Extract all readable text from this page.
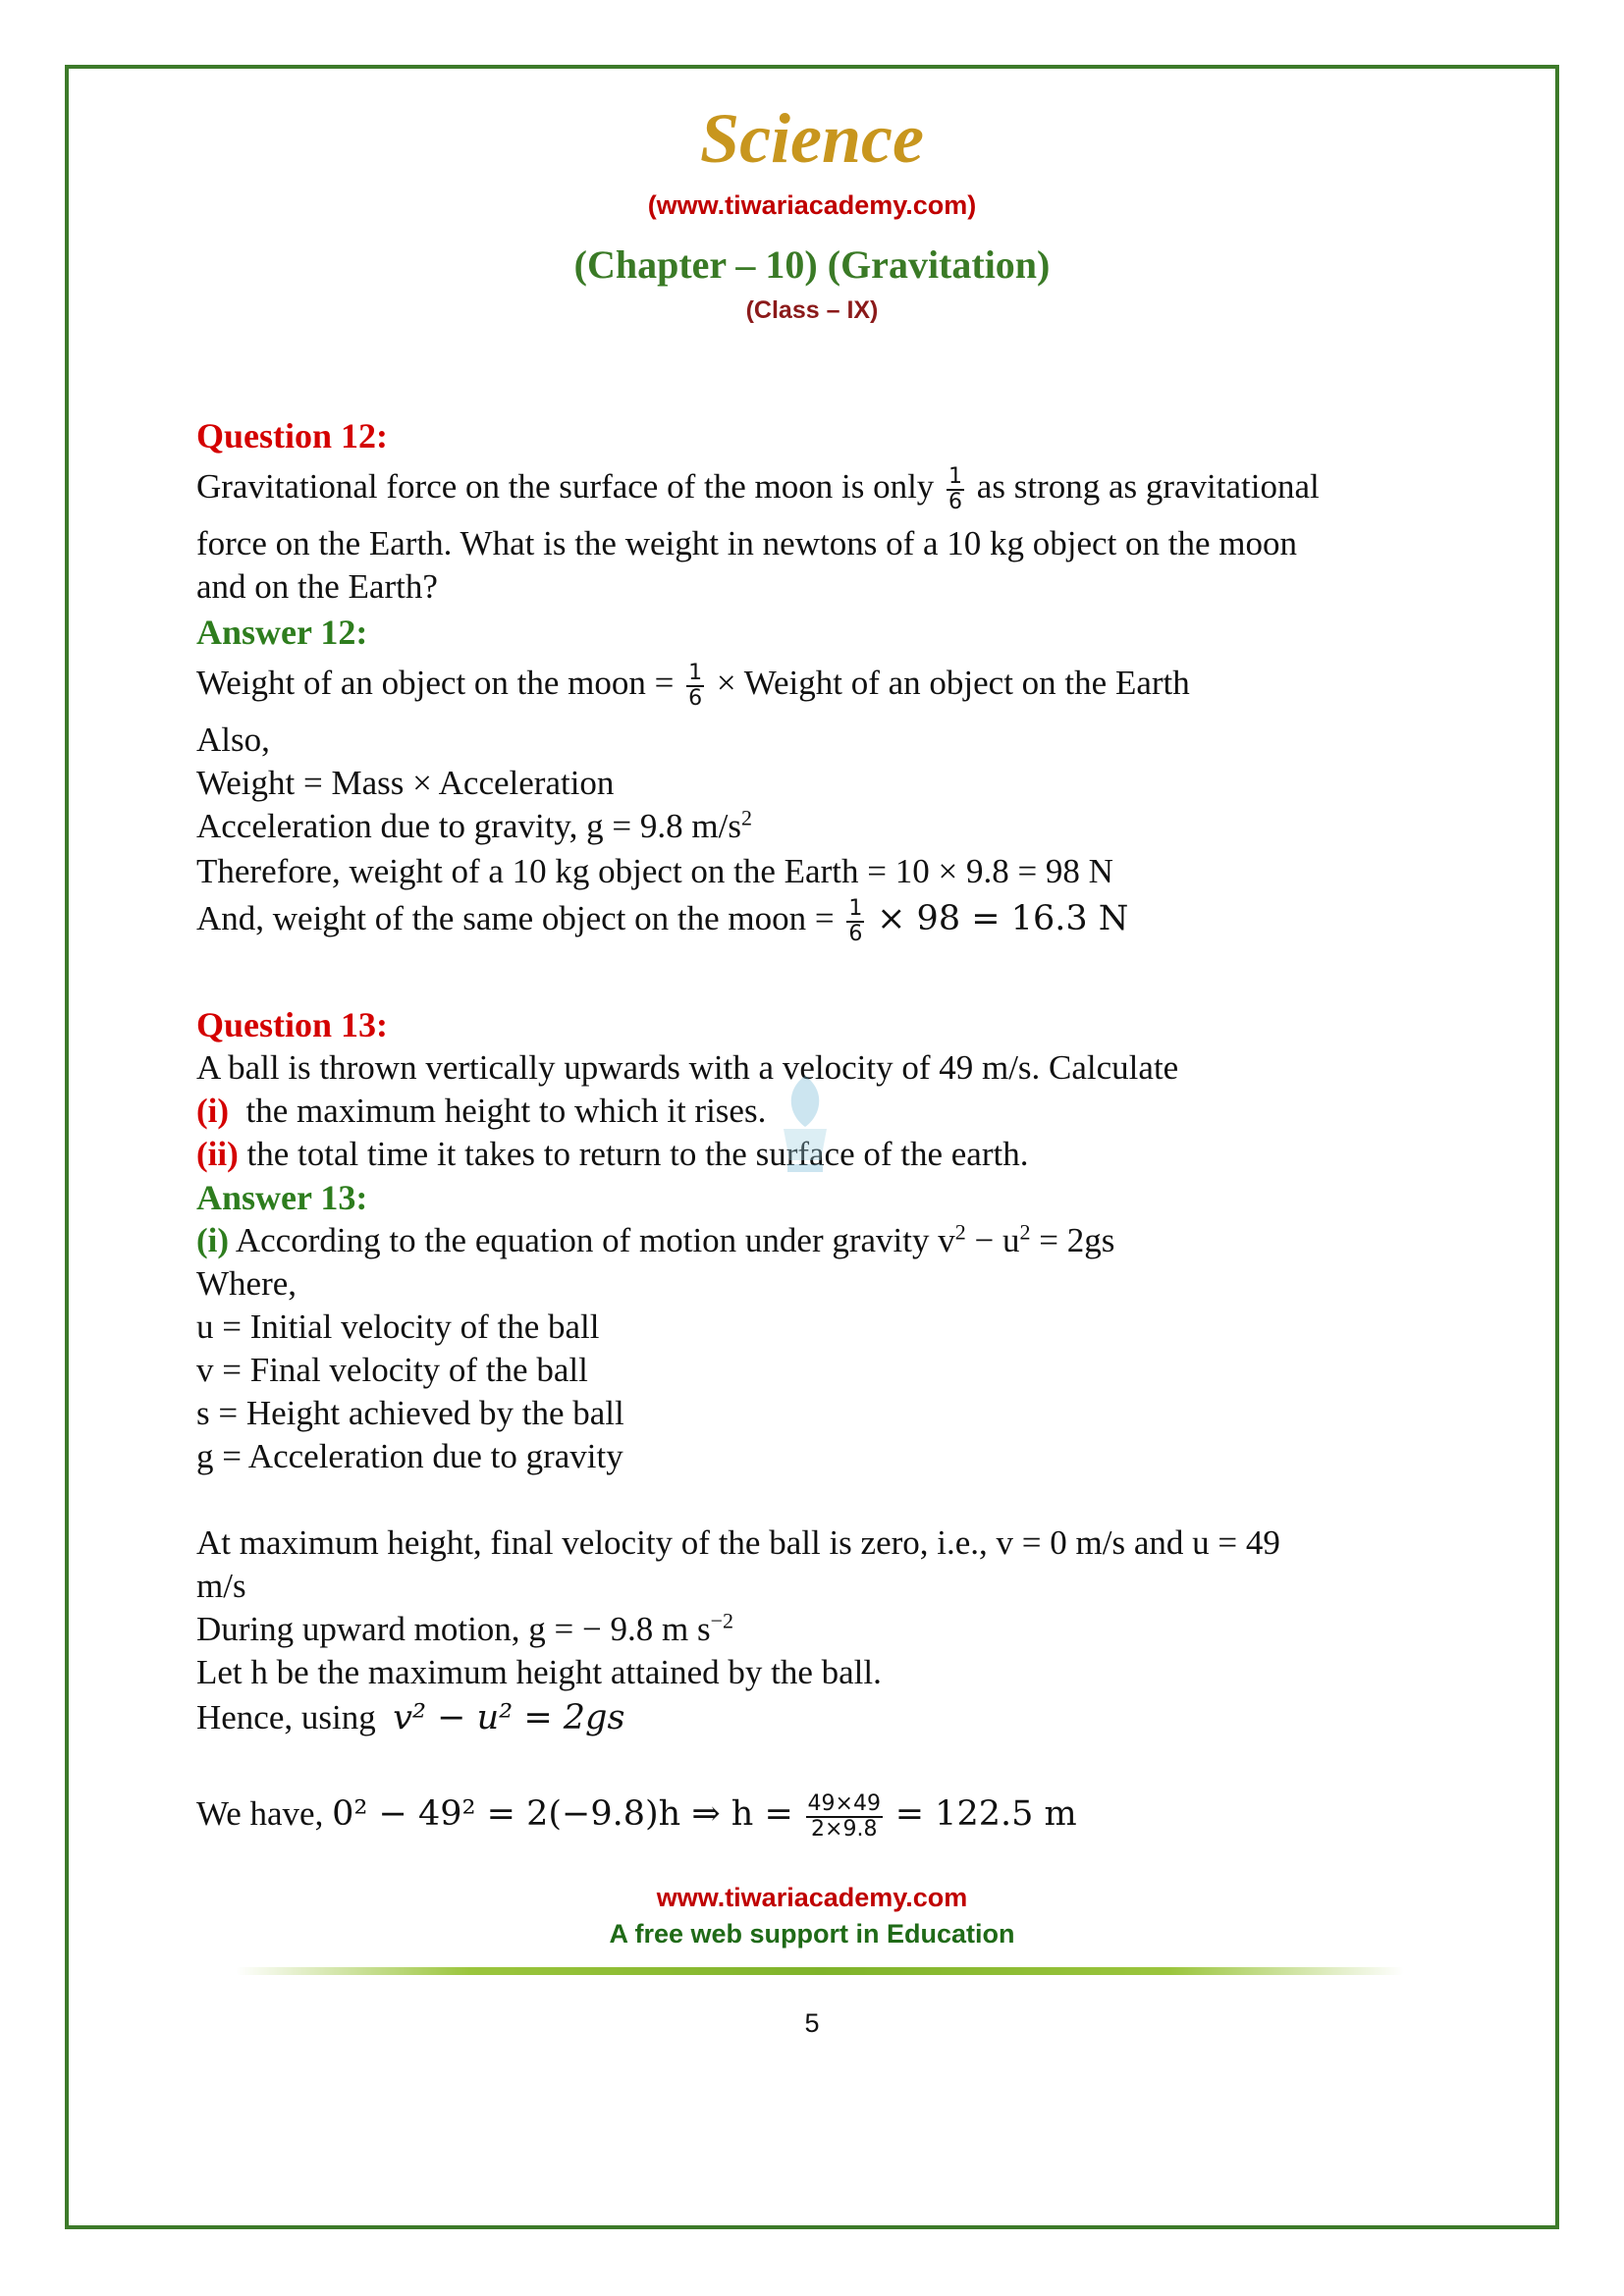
Science
(www.tiwariacademy.com)
(Chapter – 10) (Gravitation)
(Class – IX)
Question 12:
Gravitational force on the surface of the moon is only $\frac{1}{6}$ as strong as gravitational
force on the Earth. What is the weight in newtons of a 10 kg object on the moon
and on the Earth?
Answer 12:
Weight of an object on the moon = $\frac{1}{6}$ × Weight of an object on the Earth
Also,
Weight = Mass × Acceleration
Acceleration due to gravity, g = 9.8 $m/s^2$
Therefore, weight of a 10 kg object on the Earth = 10 × 9.8 = 98 N
And, weight of the same object on the moon = $\frac{1}{6} \times 98 = 16.3$ N
Question 13:
A ball is thrown vertically upwards with a velocity of 49 m/s. Calculate
(i) the maximum height to which it rises.
(ii) the total time it takes to return to the surface of the earth.
Answer 13:
(i) According to the equation of motion under gravity $v^2 - u^2 = 2gs$
Where,
u = Initial velocity of the ball
v = Final velocity of the ball
s = Height achieved by the ball
g = Acceleration due to gravity
At maximum height, final velocity of the ball is zero, i.e., v = 0 m/s and u = 49
m/s
During upward motion, g = − 9.8 m $s^{-2}$
Let h be the maximum height attained by the ball.
Hence, using v² − u² = 2gs
We have, 0² − 49² = 2(−9.8)h ⇒ $h = \frac{49\times 49}{2\times 9.8} = 122.5$ m
www.tiwariacademy.com
A free web support in Education
5
